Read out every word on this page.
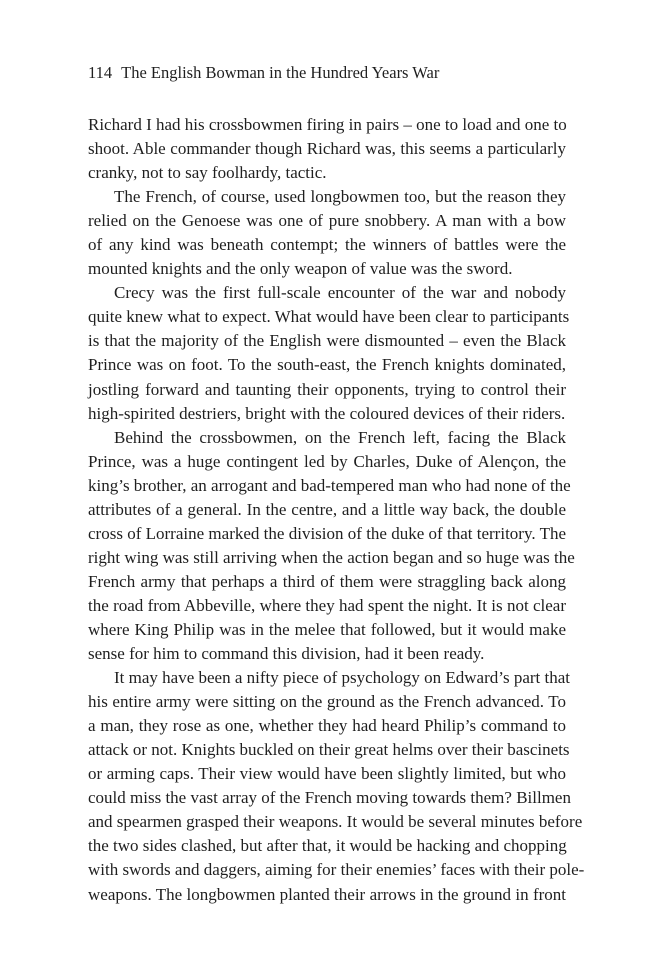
114 The English Bowman in the Hundred Years War
Richard I had his crossbowmen firing in pairs – one to load and one to
shoot. Able commander though Richard was, this seems a particularly
cranky, not to say foolhardy, tactic.
The French, of course, used longbowmen too, but the reason they
relied on the Genoese was one of pure snobbery. A man with a bow
of any kind was beneath contempt; the winners of battles were the
mounted knights and the only weapon of value was the sword.
Crecy was the first full-scale encounter of the war and nobody
quite knew what to expect. What would have been clear to participants
is that the majority of the English were dismounted – even the Black
Prince was on foot. To the south-east, the French knights dominated,
jostling forward and taunting their opponents, trying to control their
high-spirited destriers, bright with the coloured devices of their riders.
Behind the crossbowmen, on the French left, facing the Black
Prince, was a huge contingent led by Charles, Duke of Alençon, the
king’s brother, an arrogant and bad-tempered man who had none of the
attributes of a general. In the centre, and a little way back, the double
cross of Lorraine marked the division of the duke of that territory. The
right wing was still arriving when the action began and so huge was the
French army that perhaps a third of them were straggling back along
the road from Abbeville, where they had spent the night. It is not clear
where King Philip was in the melee that followed, but it would make
sense for him to command this division, had it been ready.
It may have been a nifty piece of psychology on Edward’s part that
his entire army were sitting on the ground as the French advanced. To
a man, they rose as one, whether they had heard Philip’s command to
attack or not. Knights buckled on their great helms over their bascinets
or arming caps. Their view would have been slightly limited, but who
could miss the vast array of the French moving towards them? Billmen
and spearmen grasped their weapons. It would be several minutes before
the two sides clashed, but after that, it would be hacking and chopping
with swords and daggers, aiming for their enemies’ faces with their pole-
weapons. The longbowmen planted their arrows in the ground in front
